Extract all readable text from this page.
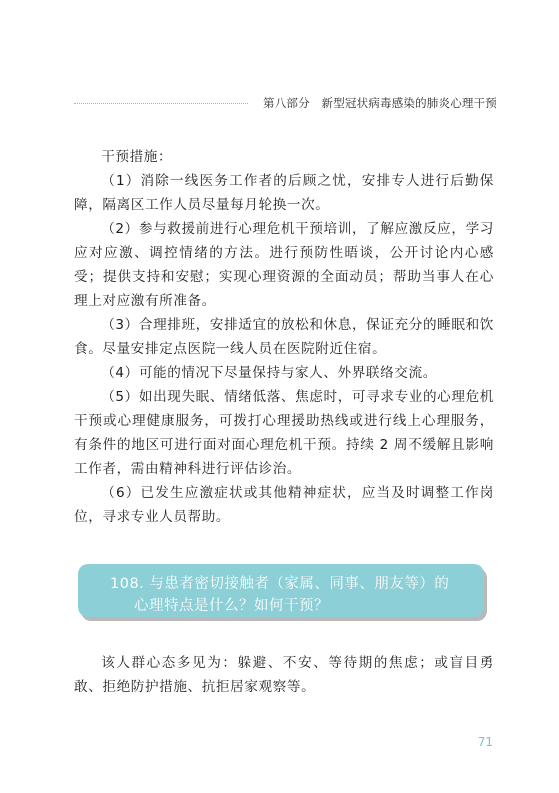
第八部分　新型冠状病毒感染的肺炎心理干预

干预措施：

（1）消除一线医务工作者的后顾之忧，安排专人进行后勤保障，隔离区工作人员尽量每月轮换一次。

（2）参与救援前进行心理危机干预培训，了解应激反应，学习应对应激、调控情绪的方法。进行预防性晤谈，公开讨论内心感受；提供支持和安慰；实现心理资源的全面动员；帮助当事人在心理上对应激有所准备。

（3）合理排班，安排适宜的放松和休息，保证充分的睡眠和饮食。尽量安排定点医院一线人员在医院附近住宿。

（4）可能的情况下尽量保持与家人、外界联络交流。

（5）如出现失眠、情绪低落、焦虑时，可寻求专业的心理危机干预或心理健康服务，可拨打心理援助热线或进行线上心理服务，有条件的地区可进行面对面心理危机干预。持续 2 周不缓解且影响工作者，需由精神科进行评估诊治。

（6）已发生应激症状或其他精神症状，应当及时调整工作岗位，寻求专业人员帮助。

108. 与患者密切接触者（家属、同事、朋友等）的
心理特点是什么？如何干预？

该人群心态多见为：躲避、不安、等待期的焦虑；或盲目勇敢、拒绝防护措施、抗拒居家观察等。

71
